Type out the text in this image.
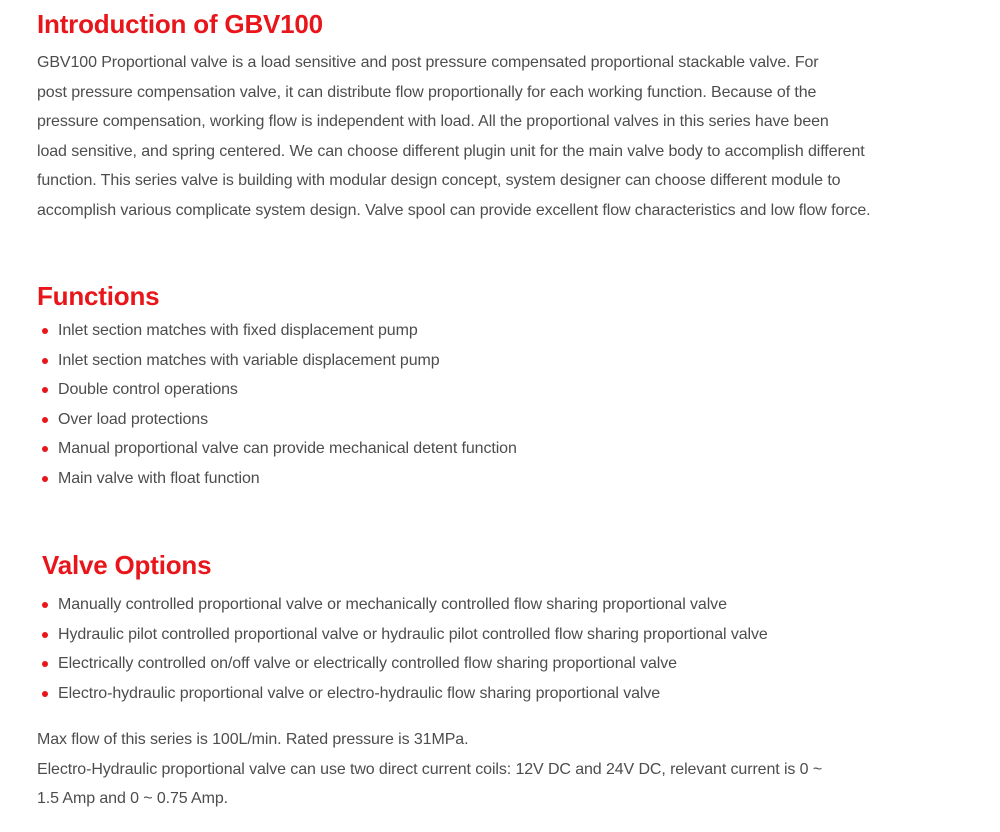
Introduction of GBV100
GBV100 Proportional valve is a load sensitive and post pressure compensated proportional stackable valve. For
post pressure compensation valve, it can distribute flow proportionally for each working function. Because of the
pressure compensation, working flow is independent with load. All the proportional valves in this series have been
load sensitive, and spring centered. We can choose different plugin unit for the main valve body to accomplish different
function. This series valve is building with modular design concept, system designer can choose different module to
accomplish various complicate system design. Valve spool can provide excellent flow characteristics and low flow force.
Functions
Inlet section matches with fixed displacement pump
Inlet section matches with variable displacement pump
Double control operations
Over load protections
Manual proportional valve can provide mechanical detent function
Main valve with float function
Valve Options
Manually controlled proportional valve or mechanically controlled flow sharing proportional valve
Hydraulic pilot controlled proportional valve or hydraulic pilot controlled flow sharing proportional valve
Electrically controlled on/off valve or electrically controlled flow sharing proportional valve
Electro-hydraulic proportional valve or electro-hydraulic flow sharing proportional valve
Max flow of this series is 100L/min. Rated pressure is 31MPa.
Electro-Hydraulic proportional valve can use two direct current coils: 12V DC and 24V DC, relevant current is 0 ~
1.5 Amp and 0 ~ 0.75 Amp.
